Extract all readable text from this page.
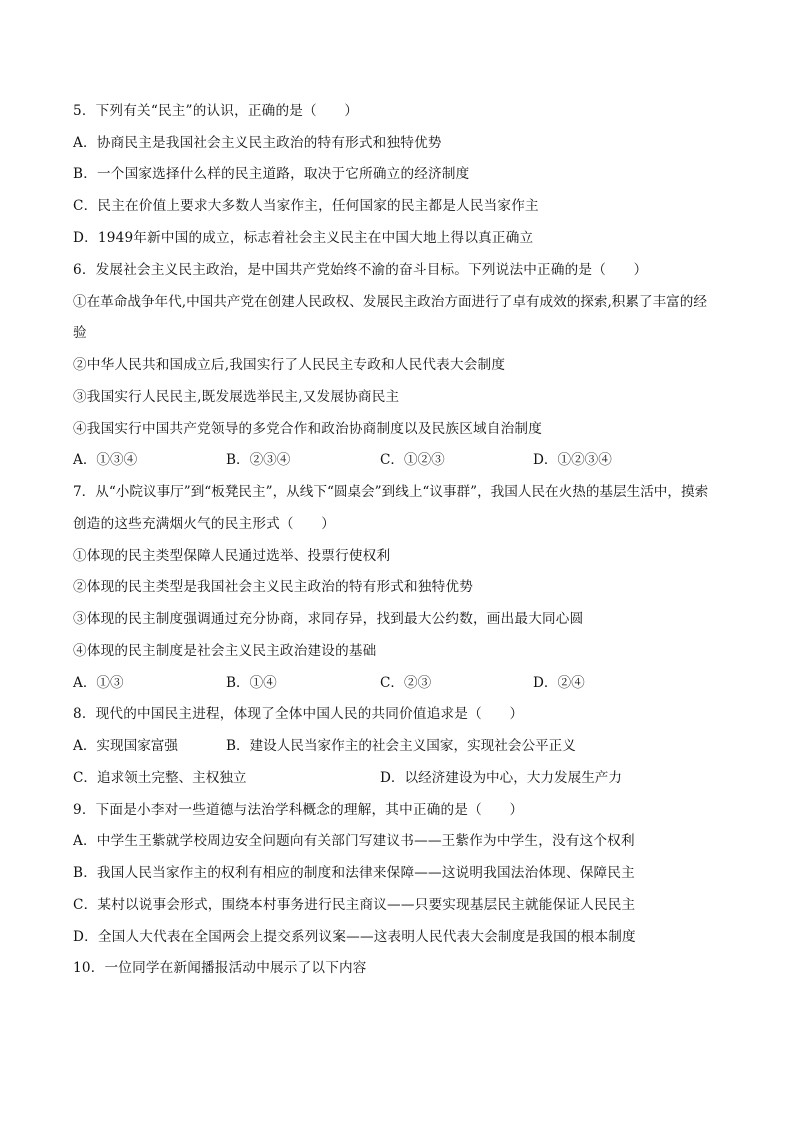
5．下列有关“民主”的认识，正确的是（　　）
A．协商民主是我国社会主义民主政治的特有形式和独特优势
B．一个国家选择什么样的民主道路，取决于它所确立的经济制度
C．民主在价值上要求大多数人当家作主，任何国家的民主都是人民当家作主
D．1949年新中国的成立，标志着社会主义民主在中国大地上得以真正确立
6．发展社会主义民主政治，是中国共产党始终不渝的奋斗目标。下列说法中正确的是（　　）
①在革命战争年代,中国共产党在创建人民政权、发展民主政治方面进行了卓有成效的探索,积累了丰富的经
验
②中华人民共和国成立后,我国实行了人民民主专政和人民代表大会制度
③我国实行人民民主,既发展选举民主,又发展协商民主
④我国实行中国共产党领导的多党合作和政治协商制度以及民族区域自治制度
A．①③④	B．②③④	C．①②③	D．①②③④
7．从“小院议事厅”到“板凳民主”，从线下“圆桌会”到线上“议事群”，我国人民在火热的基层生活中，摸索
创造的这些充满烟火气的民主形式（　　）
①体现的民主类型保障人民通过选举、投票行使权利
②体现的民主类型是我国社会主义民主政治的特有形式和独特优势
③体现的民主制度强调通过充分协商，求同存异，找到最大公约数，画出最大同心圆
④体现的民主制度是社会主义民主政治建设的基础
A．①③	B．①④	C．②③	D．②④
8．现代的中国民主进程，体现了全体中国人民的共同价值追求是（　　）
A．实现国家富强	B．建设人民当家作主的社会主义国家，实现社会公平正义
C．追求领土完整、主权独立	D．以经济建设为中心，大力发展生产力
9．下面是小李对一些道德与法治学科概念的理解，其中正确的是（　　）
A．中学生王紫就学校周边安全问题向有关部门写建议书——王紫作为中学生，没有这个权利
B．我国人民当家作主的权利有相应的制度和法律来保障——这说明我国法治体现、保障民主
C．某村以说事会形式，围绕本村事务进行民主商议——只要实现基层民主就能保证人民民主
D．全国人大代表在全国两会上提交系列议案——这表明人民代表大会制度是我国的根本制度
10．一位同学在新闻播报活动中展示了以下内容
